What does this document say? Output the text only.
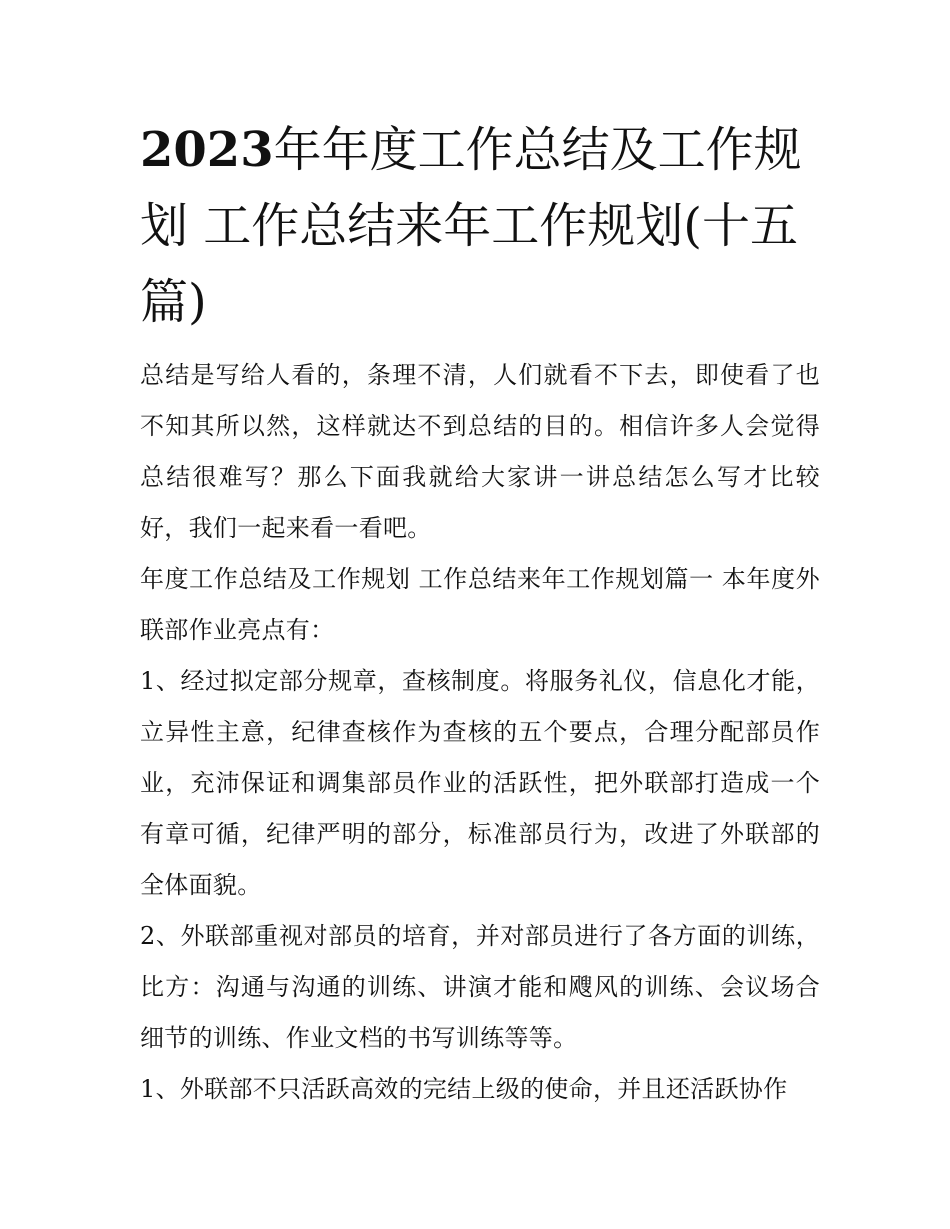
2023年年度工作总结及工作规划 工作总结来年工作规划(十五篇)

总结是写给人看的，条理不清，人们就看不下去，即使看了也不知其所以然，这样就达不到总结的目的。相信许多人会觉得总结很难写？那么下面我就给大家讲一讲总结怎么写才比较好，我们一起来看一看吧。

年度工作总结及工作规划 工作总结来年工作规划篇一 本年度外联部作业亮点有：

1、经过拟定部分规章，查核制度。将服务礼仪，信息化才能，立异性主意，纪律查核作为查核的五个要点，合理分配部员作业，充沛保证和调集部员作业的活跃性，把外联部打造成一个有章可循，纪律严明的部分，标准部员行为，改进了外联部的全体面貌。

2、外联部重视对部员的培育，并对部员进行了各方面的训练，比方：沟通与沟通的训练、讲演才能和飕风的训练、会议场合细节的训练、作业文档的书写训练等等。

1、外联部不只活跃高效的完结上级的使命，并且还活跃协作
